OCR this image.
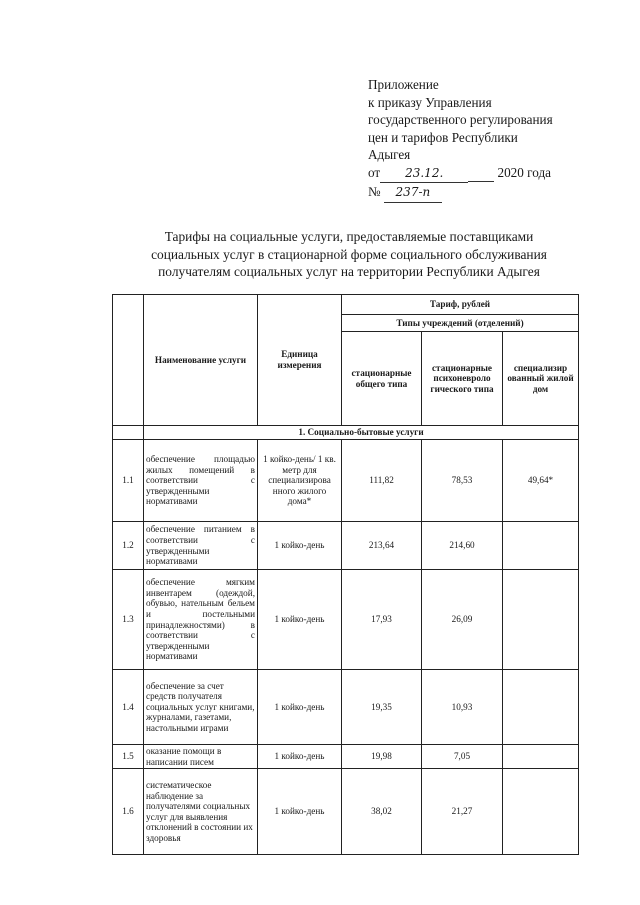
Приложение
к приказу Управления
государственного регулирования
цен и тарифов Республики
Адыгея
от 23.12.	2020 года
№ 237-п
Тарифы на социальные услуги, предоставляемые поставщиками
социальных услуг в стационарной форме социального обслуживания
получателям социальных услуг на территории Республики Адыгея
	Наименование услуги	Единица измерения	Тариф, рублей		
			Типы учреждений (отделений)		
			стационарные общего типа	стационарные психоневроло гического типа	специализир ованный жилой дом
	1. Социально-бытовые услуги				
1.1	обеспечение площадью жилых помещений в соответствии с утвержденными нормативами	1 койко-день/ 1 кв. метр для специализирова нного жилого дома*	111,82	78,53	49,64*
1.2	обеспечение питанием в соответствии с утвержденными нормативами	1 койко-день	213,64	214,60	
1.3	обеспечение мягким инвентарем (одеждой, обувью, нательным бельем и постельными принадлежностями) в соответствии с утвержденными нормативами	1 койко-день	17,93	26,09	
1.4	обеспечение за счет средств получателя социальных услуг книгами, журналами, газетами, настольными играми	1 койко-день	19,35	10,93	
1.5	оказание помощи в написании писем	1 койко-день	19,98	7,05	
1.6	систематическое наблюдение за получателями социальных услуг для выявления отклонений в состоянии их здоровья	1 койко-день	38,02	21,27	
